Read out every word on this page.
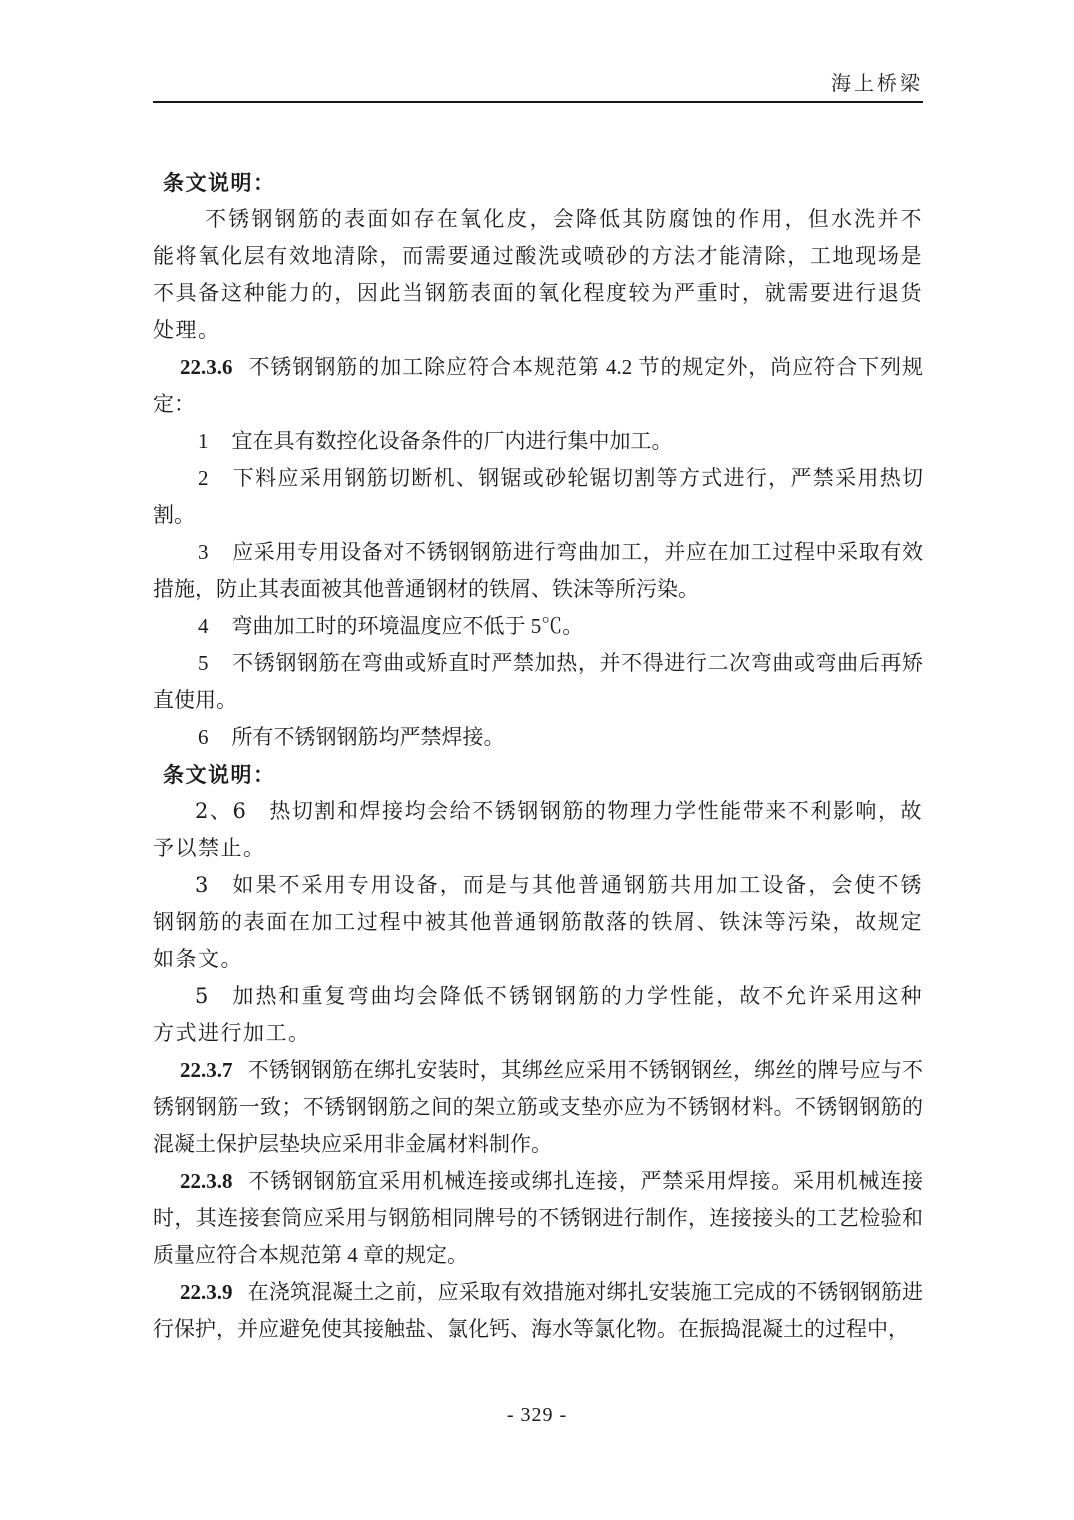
海上桥梁

条文说明：

不锈钢钢筋的表面如存在氧化皮，会降低其防腐蚀的作用，但水洗并不能将氧化层有效地清除，而需要通过酸洗或喷砂的方法才能清除，工地现场是不具备这种能力的，因此当钢筋表面的氧化程度较为严重时，就需要进行退货处理。

22.3.6 不锈钢钢筋的加工除应符合本规范第 4.2 节的规定外，尚应符合下列规定：

1 宜在具有数控化设备条件的厂内进行集中加工。

2 下料应采用钢筋切断机、钢锯或砂轮锯切割等方式进行，严禁采用热切割。

3 应采用专用设备对不锈钢钢筋进行弯曲加工，并应在加工过程中采取有效措施，防止其表面被其他普通钢材的铁屑、铁沫等所污染。

4 弯曲加工时的环境温度应不低于 5℃。

5 不锈钢钢筋在弯曲或矫直时严禁加热，并不得进行二次弯曲或弯曲后再矫直使用。

6 所有不锈钢钢筋均严禁焊接。

条文说明：

2、6 热切割和焊接均会给不锈钢钢筋的物理力学性能带来不利影响，故予以禁止。

3 如果不采用专用设备，而是与其他普通钢筋共用加工设备，会使不锈钢钢筋的表面在加工过程中被其他普通钢筋散落的铁屑、铁沫等污染，故规定如条文。

5 加热和重复弯曲均会降低不锈钢钢筋的力学性能，故不允许采用这种方式进行加工。

22.3.7 不锈钢钢筋在绑扎安装时，其绑丝应采用不锈钢钢丝，绑丝的牌号应与不锈钢钢筋一致；不锈钢钢筋之间的架立筋或支垫亦应为不锈钢材料。不锈钢钢筋的混凝土保护层垫块应采用非金属材料制作。

22.3.8 不锈钢钢筋宜采用机械连接或绑扎连接，严禁采用焊接。采用机械连接时，其连接套筒应采用与钢筋相同牌号的不锈钢进行制作，连接接头的工艺检验和质量应符合本规范第 4 章的规定。

22.3.9 在浇筑混凝土之前，应采取有效措施对绑扎安装施工完成的不锈钢钢筋进行保护，并应避免使其接触盐、氯化钙、海水等氯化物。在振捣混凝土的过程中，

- 329 -
